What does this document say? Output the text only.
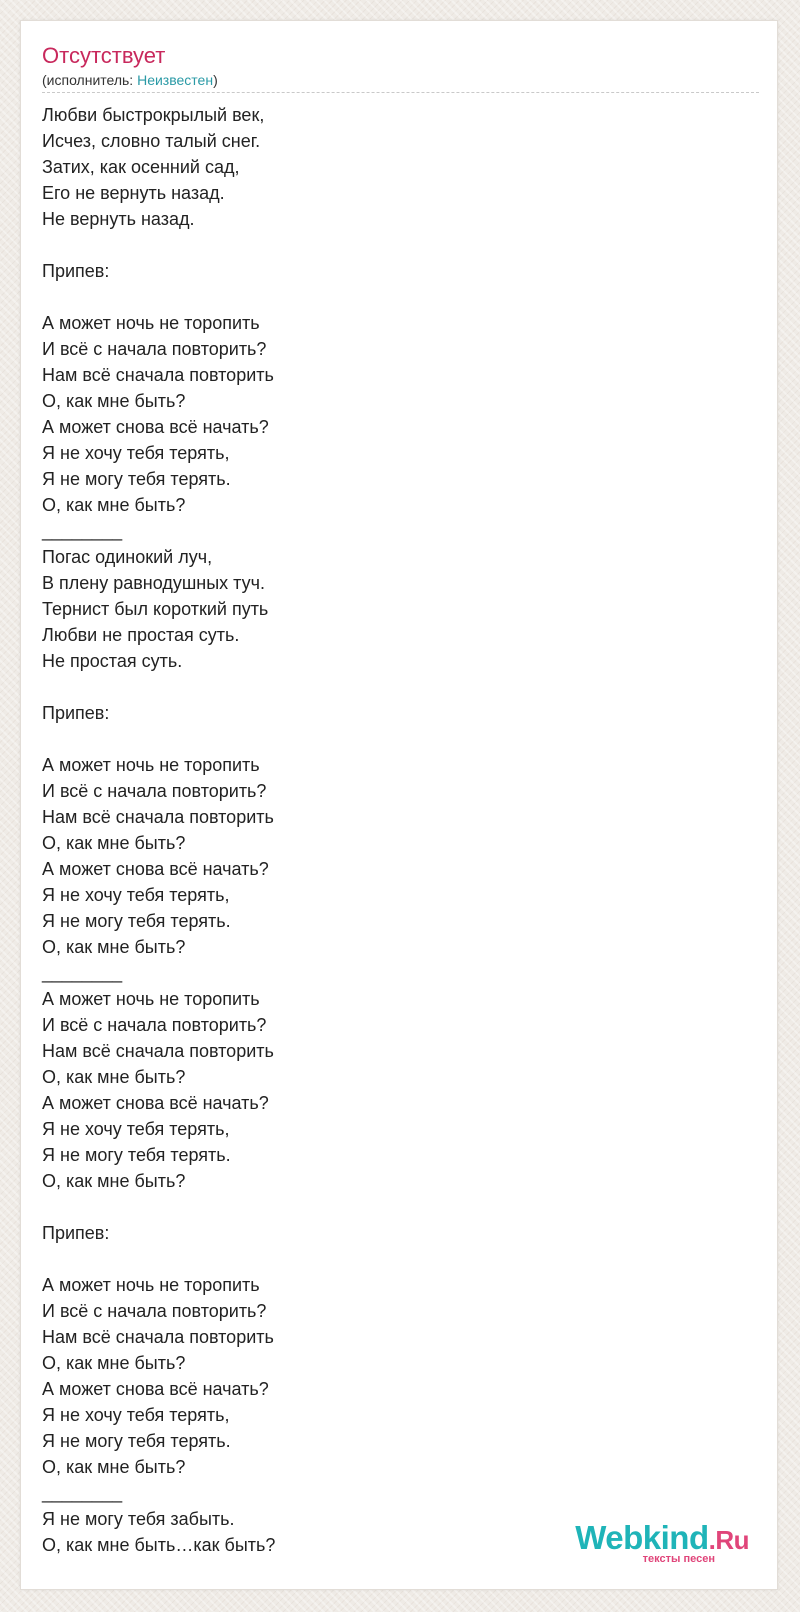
Отсутствует
(исполнитель: Неизвестен)
Любви быстрокрылый век,
Исчез, словно талый снег.
Затих, как осенний сад,
Его не вернуть назад.
Не вернуть назад.

Припев:

А может ночь не торопить
И всё с начала повторить?
Нам всё сначала повторить
О, как мне быть?
А может снова всё начать?
Я не хочу тебя терять,
Я не могу тебя терять.
О, как мне быть?
________
Погас одинокий луч,
В плену равнодушных туч.
Тернист был короткий путь
Любви не простая суть.
Не простая суть.

Припев:

А может ночь не торопить
И всё с начала повторить?
Нам всё сначала повторить
О, как мне быть?
А может снова всё начать?
Я не хочу тебя терять,
Я не могу тебя терять.
О, как мне быть?
________
А может ночь не торопить
И всё с начала повторить?
Нам всё сначала повторить
О, как мне быть?
А может снова всё начать?
Я не хочу тебя терять,
Я не могу тебя терять.
О, как мне быть?

Припев:

А может ночь не торопить
И всё с начала повторить?
Нам всё сначала повторить
О, как мне быть?
А может снова всё начать?
Я не хочу тебя терять,
Я не могу тебя терять.
О, как мне быть?
________
Я не могу тебя забыть.
О, как мне быть…как быть?	Webkind.Ru
тексты песен
